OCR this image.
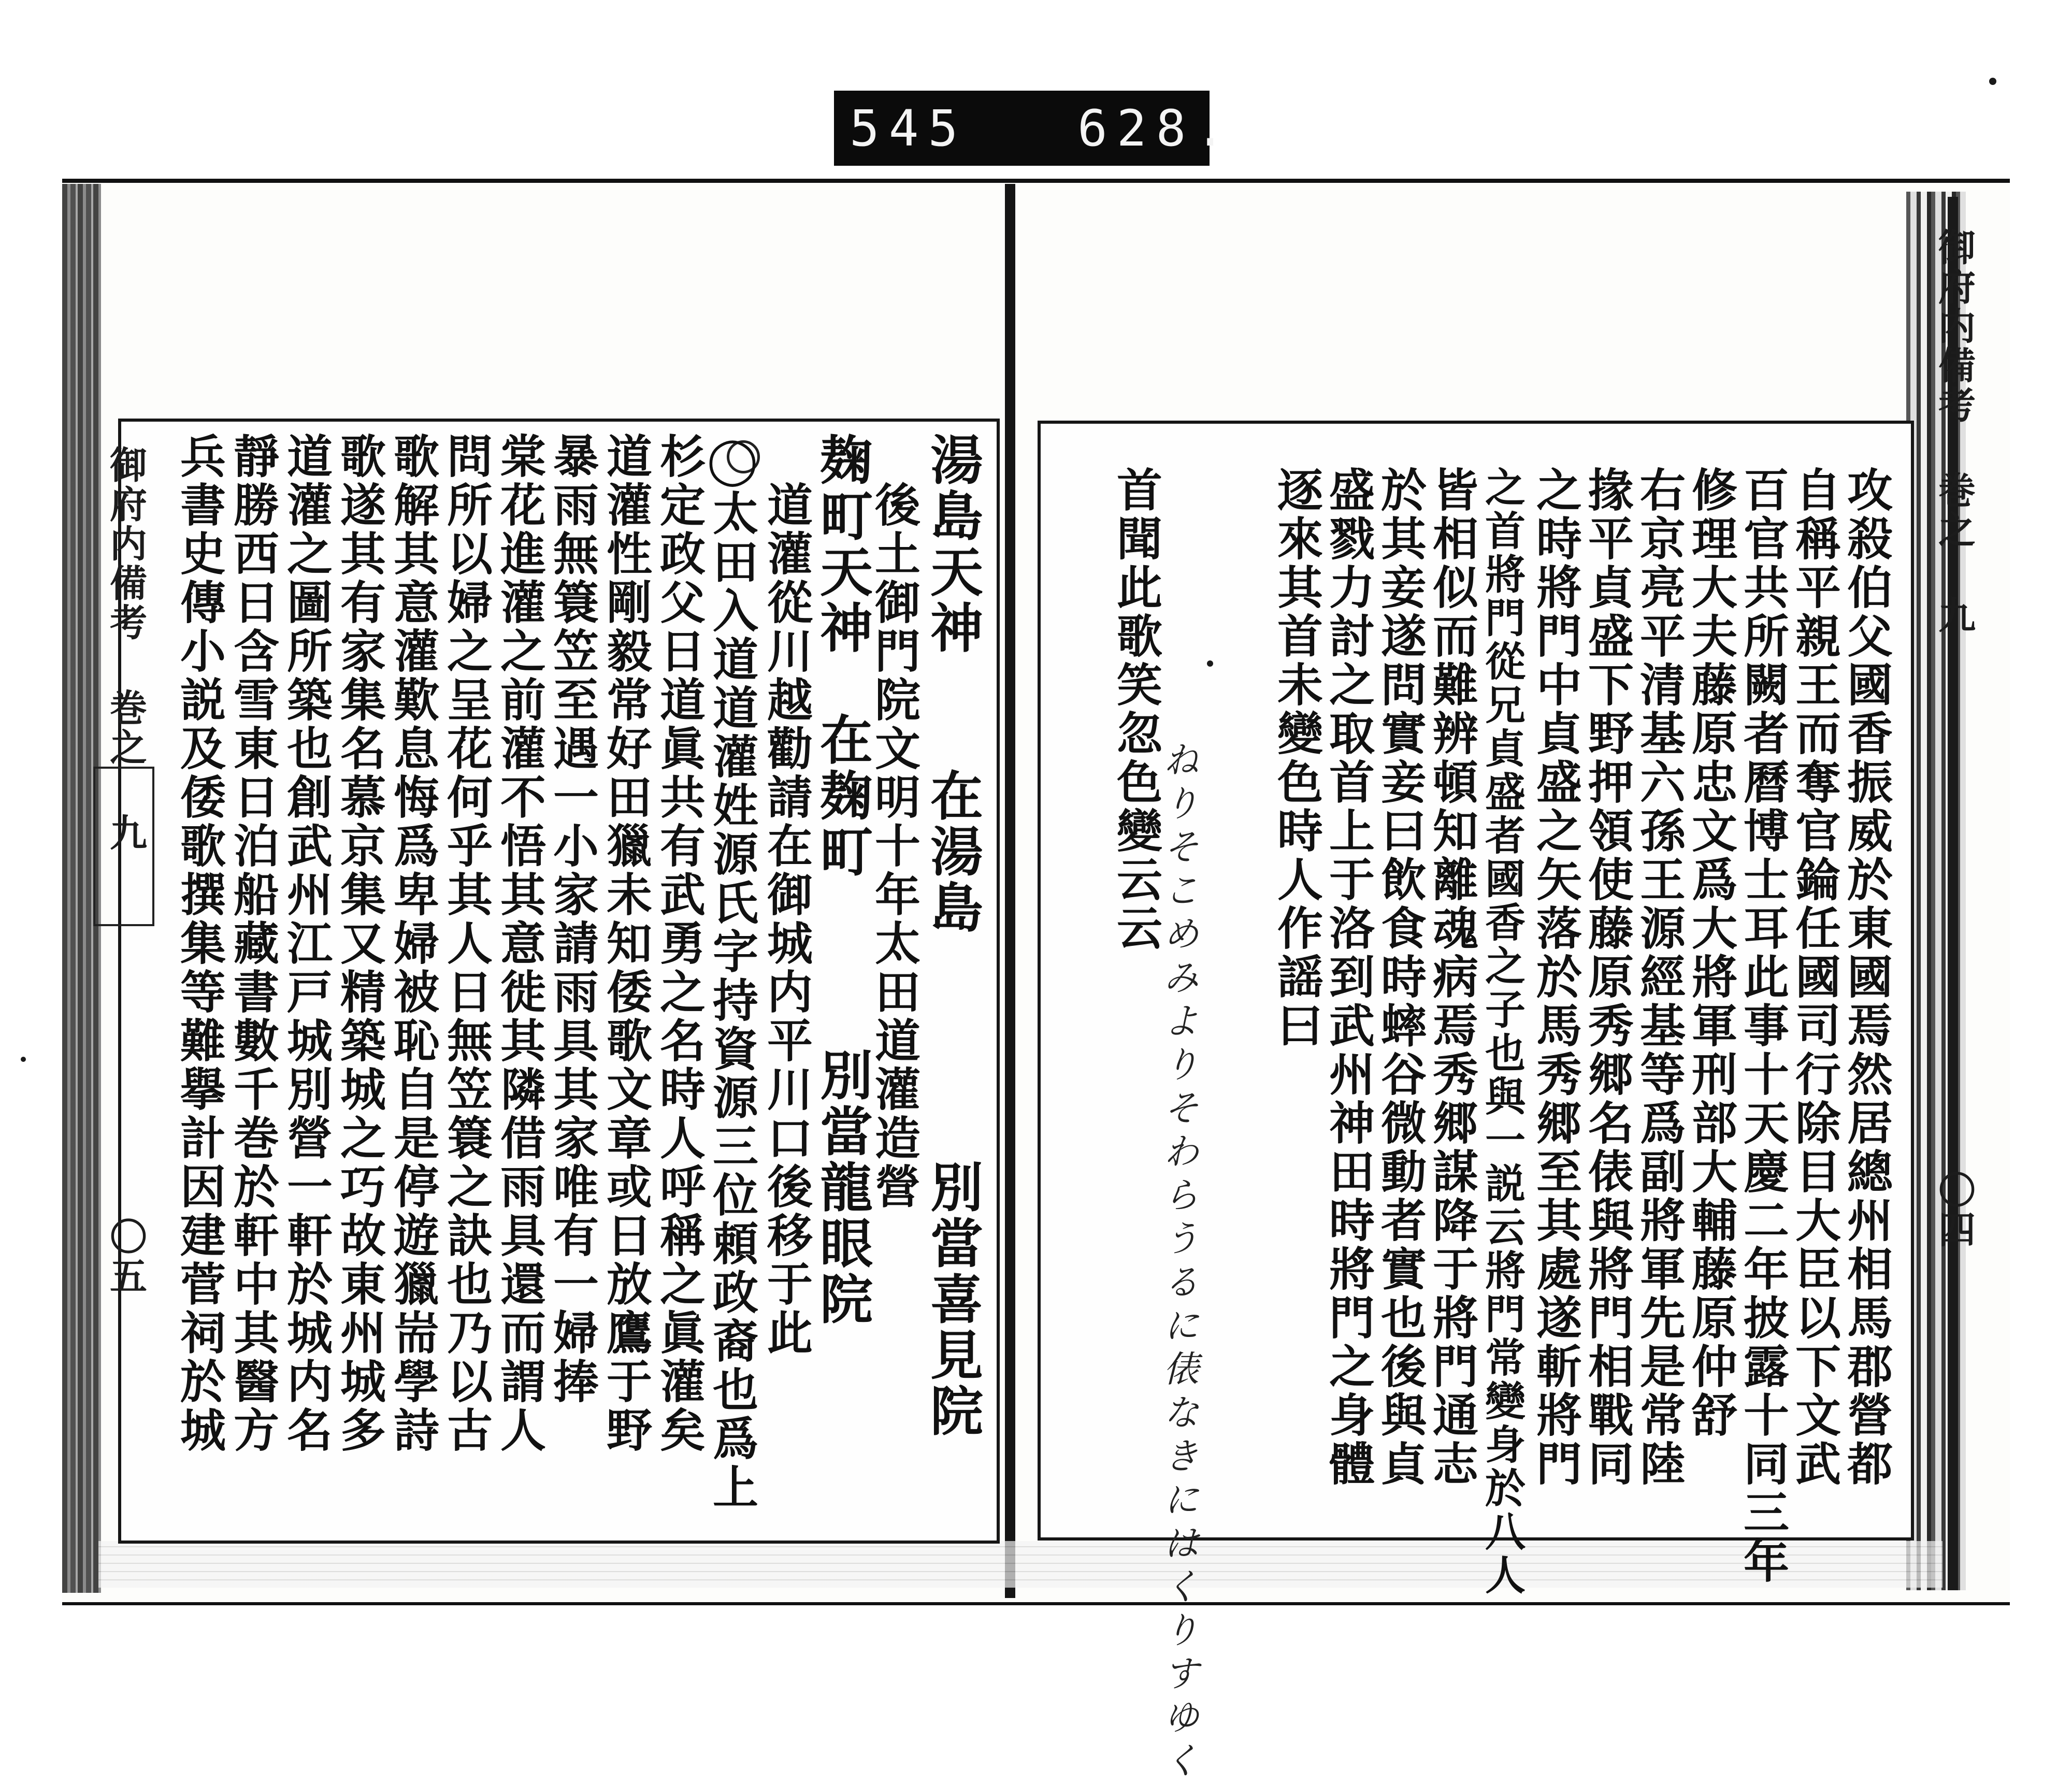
545 628.
御府内備考 巻之 九
〇五	湯島天神　　在湯島　　　　別當喜見院
　後土御門院文明十年太田道灌造營
麹町天神　在麹町　　　別當龍眼院
　道灌從川越勸請在御城内平川口後移于此
◯太田入道道灌姓源氏字持資源三位頼政裔也爲上
杉定政父日道眞共有武勇之名時人呼稱之眞灌矣
道灌性剛毅常好田獵未知倭歌文章或日放鷹于野
暴雨無簑笠至遇一小家請雨具其家唯有一婦捧
棠花進灌之前灌不悟其意徙其隣借雨具還而謂人
問所以婦之呈花何乎其人日無笠簑之訣也乃以古
歌解其意灌歎息悔爲卑婦被恥自是停遊獵耑學詩
歌遂其有家集名慕京集又精築城之巧故東州城多
道灌之圖所築也創武州江戸城別營一軒於城内名
靜勝西日含雪東日泊船藏書數千巻於軒中其醫方
兵書史傳小説及倭歌撰集等難擧計因建菅祠於城
御府内備考 巻之 九
〇四
攻殺伯父國香振威於東國焉然居總州相馬郡營都
自稱平親王而奪官錀任國司行除目大臣以下文武
百官共所闕者曆博士耳此事十天慶二年披露十同三年
修理大夫藤原忠文爲大將軍刑部大輔藤原仲舒
右京亮平清基六孫王源經基等爲副將軍先是常陸
掾平貞盛下野押領使藤原秀郷名俵與將門相戰同
之時將門中貞盛之矢落於馬秀郷至其處遂斬將門
之首將門從兄貞盛者國香之子也與一説云將門常變身於八人
皆相似而難辨頓知離魂病焉秀郷謀降于將門通志
於其妾遂問實妾曰飲食時蟀谷微動者實也後與貞
盛戮力討之取首上于洛到武州神田時將門之身體
逐來其首未變色時人作謡曰
ねりそこめみよりそわらうるに俵なきにはくりすゆく
首聞此歌笑忽色變云云
